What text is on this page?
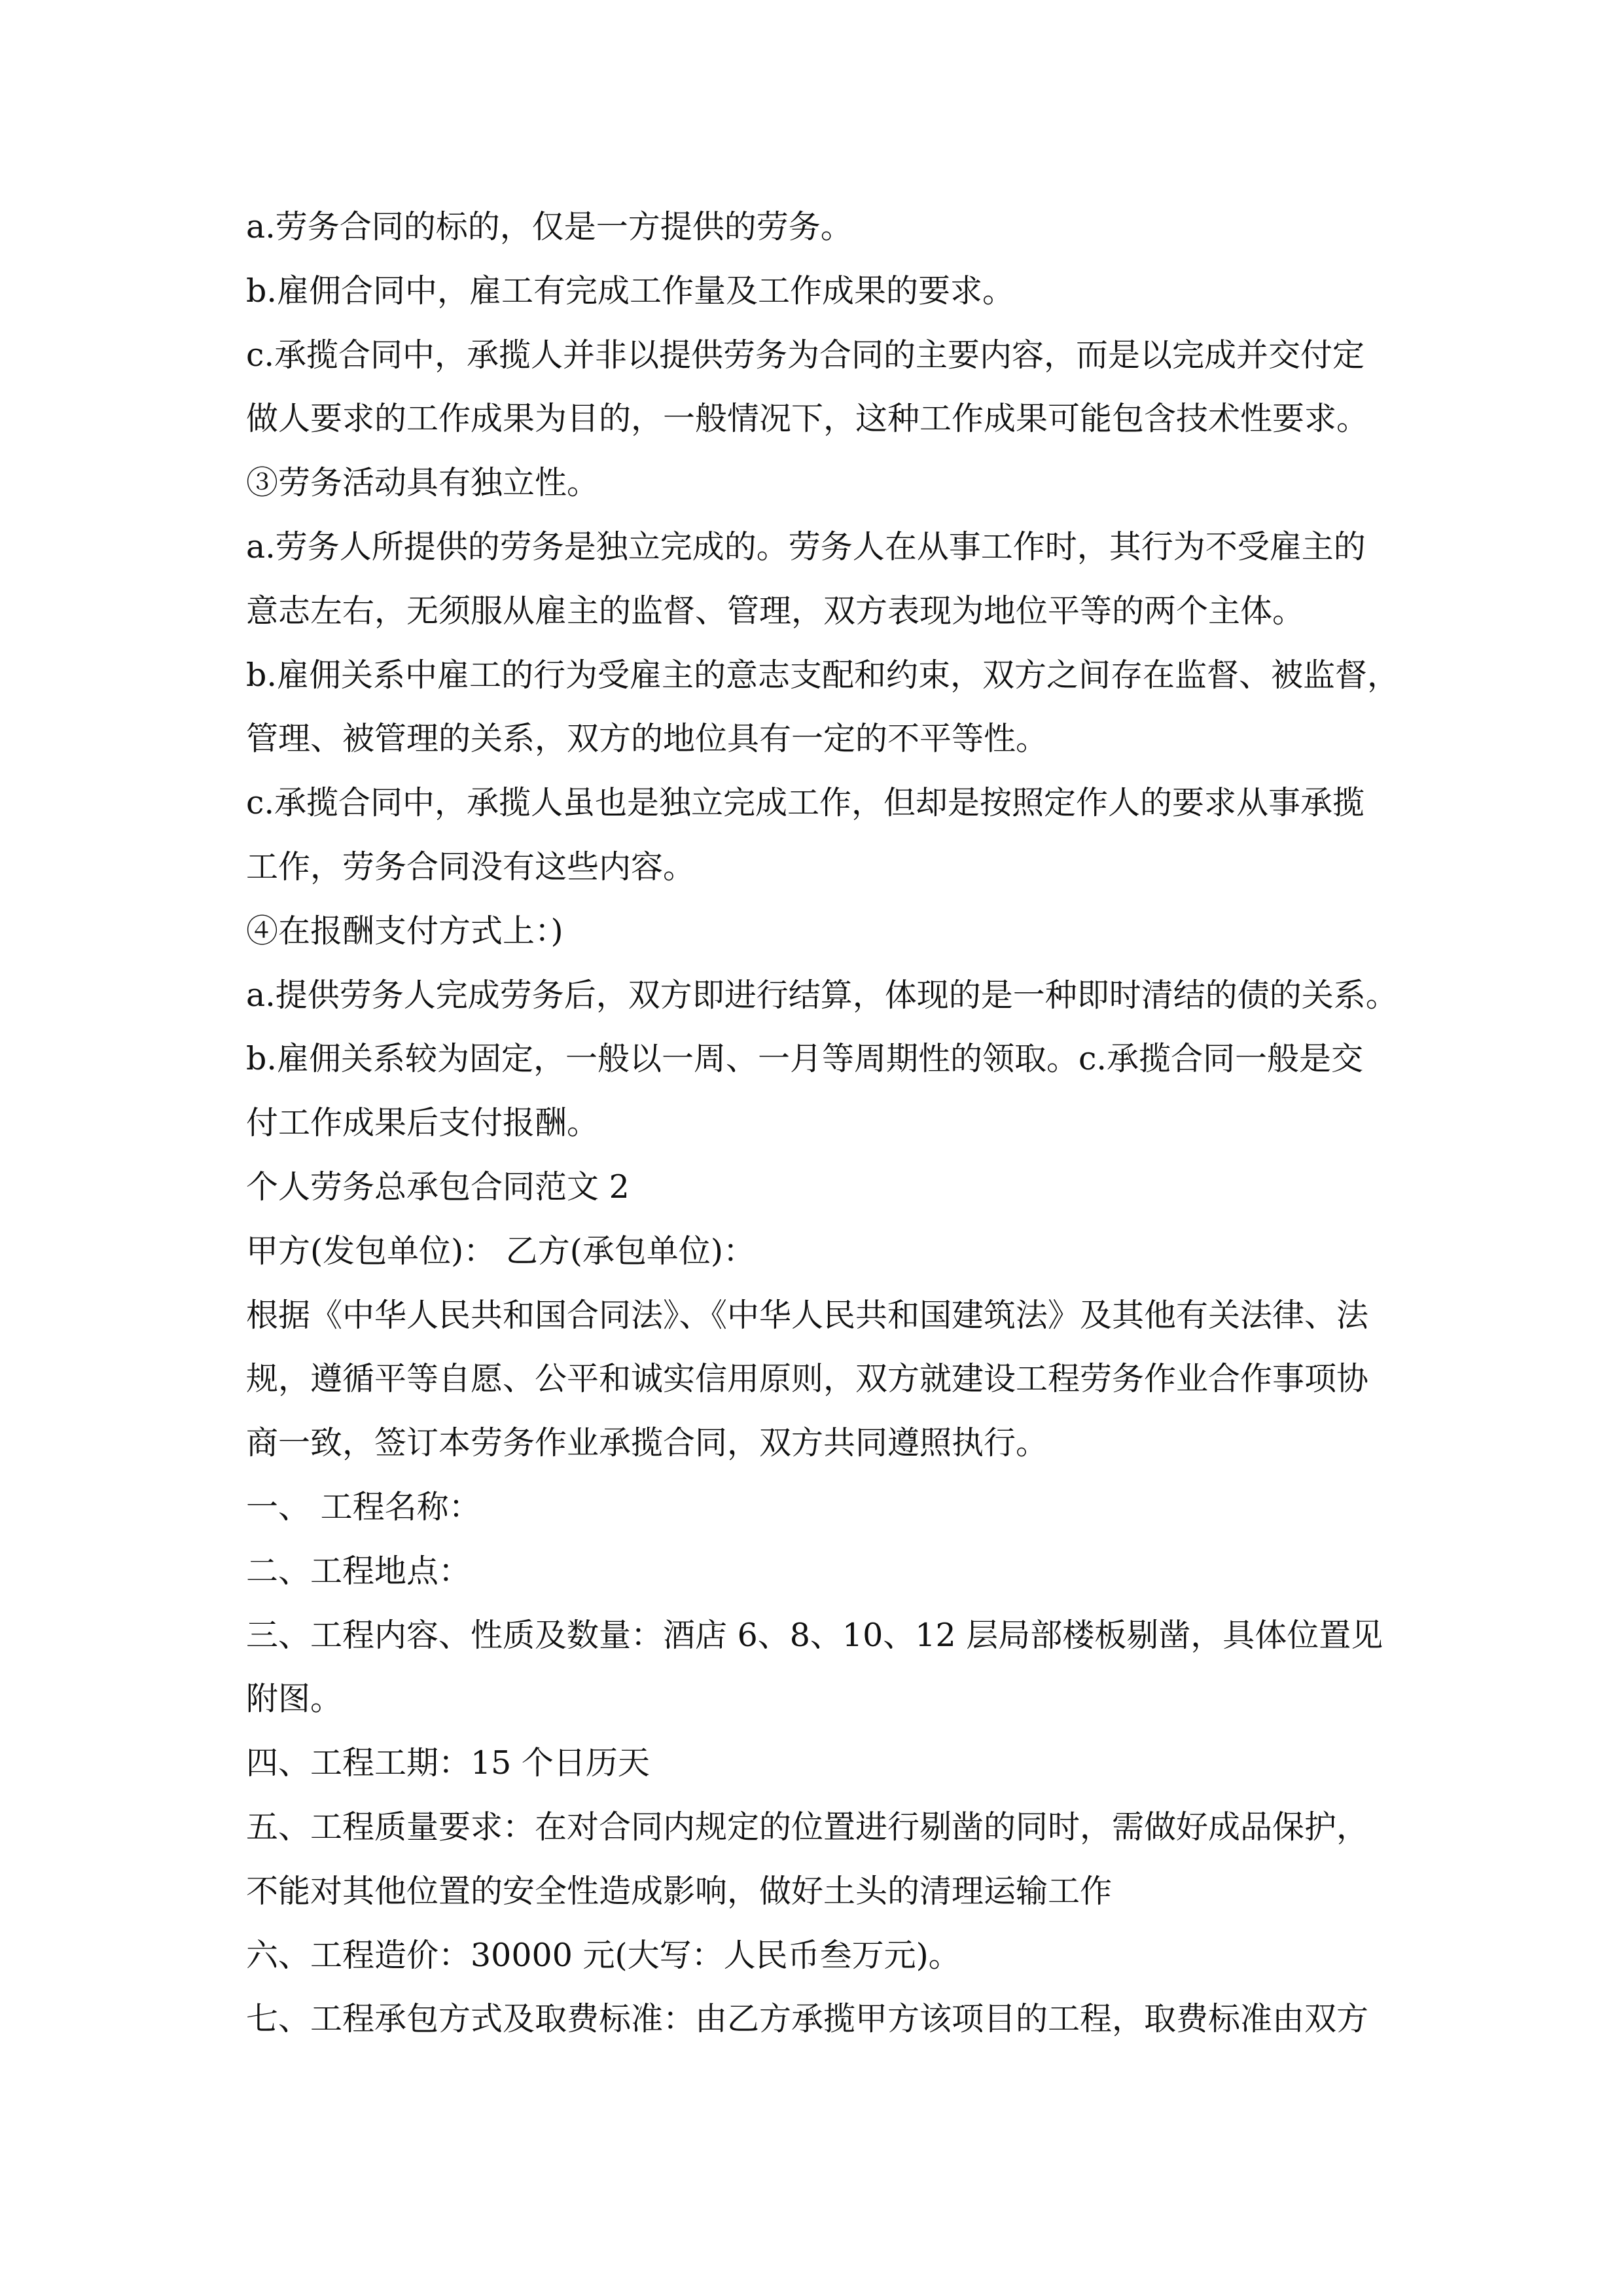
a.劳务合同的标的，仅是一方提供的劳务。
b.雇佣合同中，雇工有完成工作量及工作成果的要求。
c.承揽合同中，承揽人并非以提供劳务为合同的主要内容，而是以完成并交付定
做人要求的工作成果为目的，一般情况下，这种工作成果可能包含技术性要求。
③劳务活动具有独立性。
a.劳务人所提供的劳务是独立完成的。劳务人在从事工作时，其行为不受雇主的
意志左右，无须服从雇主的监督、管理，双方表现为地位平等的两个主体。
b.雇佣关系中雇工的行为受雇主的意志支配和约束，双方之间存在监督、被监督，
管理、被管理的关系，双方的地位具有一定的不平等性。
c.承揽合同中，承揽人虽也是独立完成工作，但却是按照定作人的要求从事承揽
工作，劳务合同没有这些内容。
④在报酬支付方式上：)
a.提供劳务人完成劳务后，双方即进行结算，体现的是一种即时清结的债的关系。
b.雇佣关系较为固定，一般以一周、一月等周期性的领取。c.承揽合同一般是交
付工作成果后支付报酬。
个人劳务总承包合同范文 2
甲方(发包单位)： 乙方(承包单位)：
根据《中华人民共和国合同法》、《中华人民共和国建筑法》及其他有关法律、法
规，遵循平等自愿、公平和诚实信用原则，双方就建设工程劳务作业合作事项协
商一致，签订本劳务作业承揽合同，双方共同遵照执行。
一、 工程名称：
二、工程地点：
三、工程内容、性质及数量：酒店 6、8、10、12 层局部楼板剔凿，具体位置见
附图。
四、工程工期：15 个日历天
五、工程质量要求：在对合同内规定的位置进行剔凿的同时，需做好成品保护，
不能对其他位置的安全性造成影响，做好土头的清理运输工作
六、工程造价：30000 元(大写：人民币叁万元)。
七、工程承包方式及取费标准：由乙方承揽甲方该项目的工程，取费标准由双方
